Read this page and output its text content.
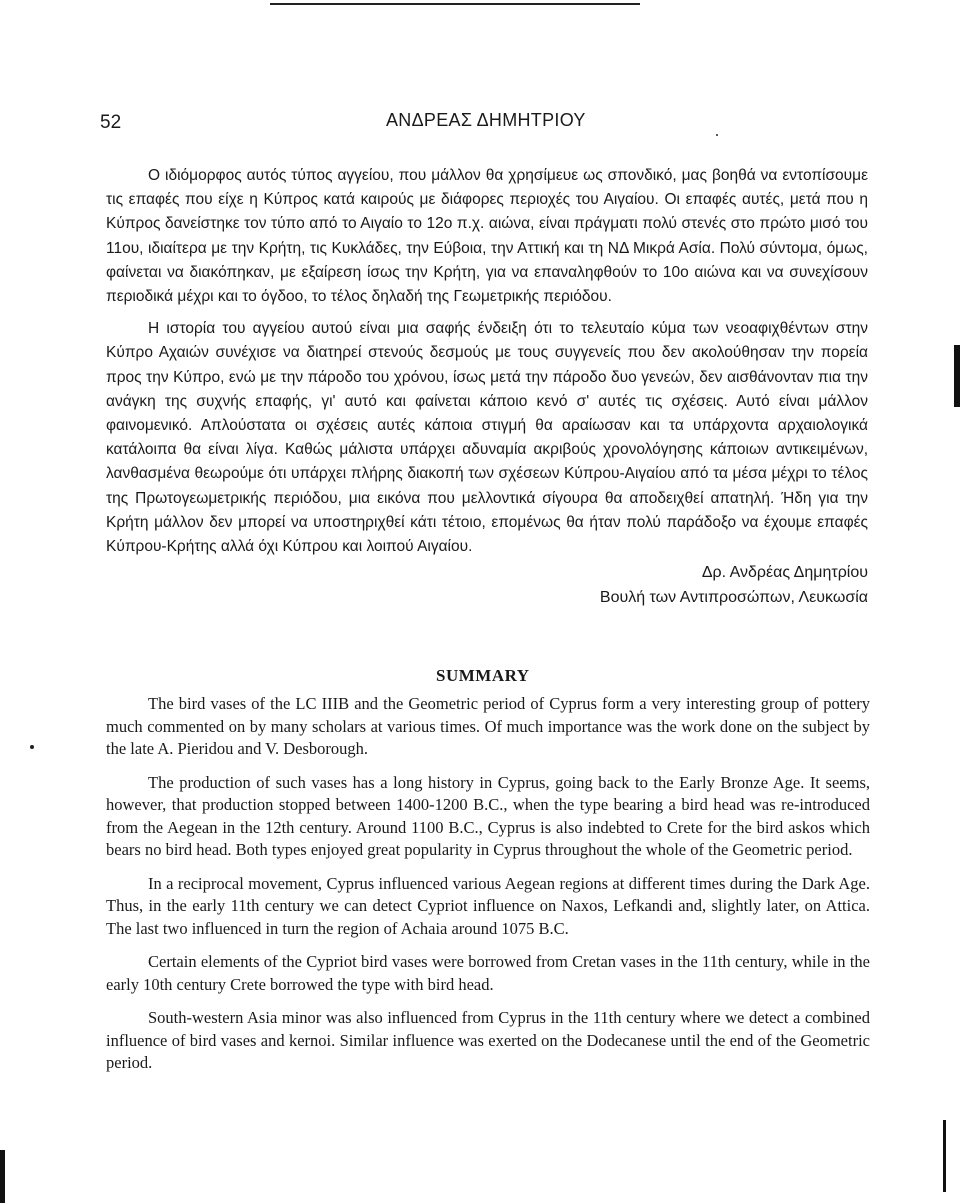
52	ΑΝΔΡΕΑΣ ΔΗΜΗΤΡΙΟΥ

Ο ιδιόμορφος αυτός τύπος αγγείου, που μάλλον θα χρησίμευε ως σπονδικό, μας βοηθά να εντοπίσουμε τις επαφές που είχε η Κύπρος κατά καιρούς με διάφορες περιοχές του Αιγαίου. Οι επαφές αυτές, μετά που η Κύπρος δανείστηκε τον τύπο από το Αιγαίο το 12ο π.χ. αιώνα, είναι πράγματι πολύ στενές στο πρώτο μισό του 11ου, ιδιαίτερα με την Κρήτη, τις Κυκλάδες, την Εύβοια, την Αττική και τη ΝΔ Μικρά Ασία. Πολύ σύντομα, όμως, φαίνεται να διακόπηκαν, με εξαίρεση ίσως την Κρήτη, για να επαναληφθούν το 10ο αιώνα και να συνεχίσουν περιοδικά μέχρι και το όγδοο, το τέλος δηλαδή της Γεωμετρικής περιόδου.

Η ιστορία του αγγείου αυτού είναι μια σαφής ένδειξη ότι το τελευταίο κύμα των νεοαφιχθέντων στην Κύπρο Αχαιών συνέχισε να διατηρεί στενούς δεσμούς με τους συγγενείς που δεν ακολούθησαν την πορεία προς την Κύπρο, ενώ με την πάροδο του χρόνου, ίσως μετά την πάροδο δυο γενεών, δεν αισθάνονταν πια την ανάγκη της συχνής επαφής, γι' αυτό και φαίνεται κάποιο κενό σ' αυτές τις σχέσεις. Αυτό είναι μάλλον φαινομενικό. Απλούστατα οι σχέσεις αυτές κάποια στιγμή θα αραίωσαν και τα υπάρχοντα αρχαιολογικά κατάλοιπα θα είναι λίγα. Καθώς μάλιστα υπάρχει αδυναμία ακριβούς χρονολόγησης κάποιων αντικειμένων, λανθασμένα θεωρούμε ότι υπάρχει πλήρης διακοπή των σχέσεων Κύπρου-Αιγαίου από τα μέσα μέχρι το τέλος της Πρωτογεωμετρικής περιόδου, μια εικόνα που μελλοντικά σίγουρα θα αποδειχθεί απατηλή. Ήδη για την Κρήτη μάλλον δεν μπορεί να υποστηριχθεί κάτι τέτοιο, επομένως θα ήταν πολύ παράδοξο να έχουμε επαφές Κύπρου-Κρήτης αλλά όχι Κύπρου και λοιπού Αιγαίου.

Δρ. Ανδρέας Δημητρίου
Βουλή των Αντιπροσώπων, Λευκωσία
SUMMARY

The bird vases of the LC IIIB and the Geometric period of Cyprus form a very interesting group of pottery much commented on by many scholars at various times. Of much importance was the work done on the subject by the late A. Pieridou and V. Desborough.

The production of such vases has a long history in Cyprus, going back to the Early Bronze Age. It seems, however, that production stopped between 1400-1200 B.C., when the type bearing a bird head was re-introduced from the Aegean in the 12th century. Around 1100 B.C., Cyprus is also indebted to Crete for the bird askos which bears no bird head. Both types enjoyed great popularity in Cyprus throughout the whole of the Geometric period.

In a reciprocal movement, Cyprus influenced various Aegean regions at different times during the Dark Age. Thus, in the early 11th century we can detect Cypriot influence on Naxos, Lefkandi and, slightly later, on Attica. The last two influenced in turn the region of Achaia around 1075 B.C.

Certain elements of the Cypriot bird vases were borrowed from Cretan vases in the 11th century, while in the early 10th century Crete borrowed the type with bird head.

South-western Asia minor was also influenced from Cyprus in the 11th century where we detect a combined influence of bird vases and kernoi. Similar influence was exerted on the Dodecanese until the end of the Geometric period.
